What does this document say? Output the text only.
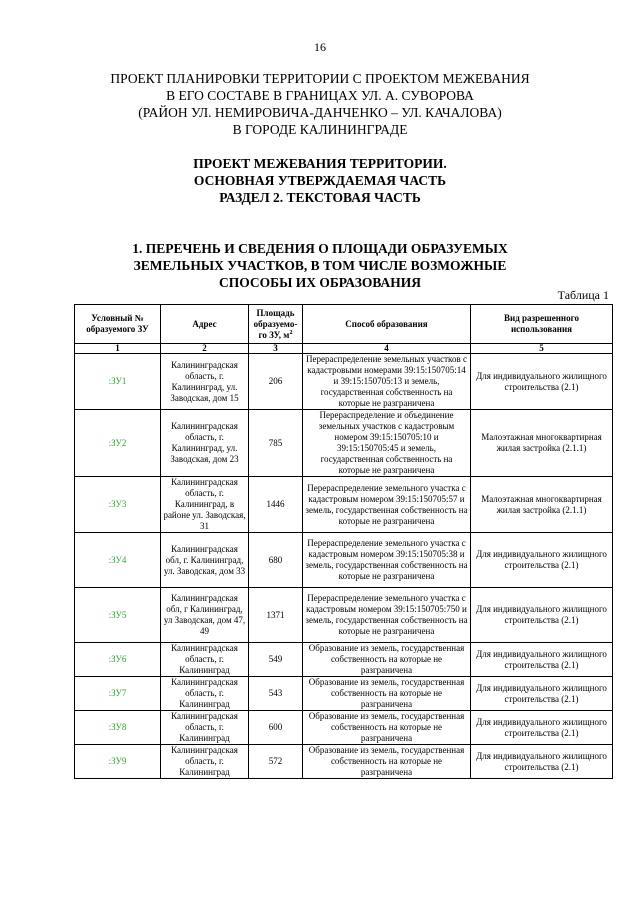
16
ПРОЕКТ ПЛАНИРОВКИ ТЕРРИТОРИИ С ПРОЕКТОМ МЕЖЕВАНИЯ
В ЕГО СОСТАВЕ В ГРАНИЦАХ УЛ. А. СУВОРОВА
(РАЙОН УЛ. НЕМИРОВИЧА-ДАНЧЕНКО – УЛ. КАЧАЛОВА)
В ГОРОДЕ КАЛИНИНГРАДЕ
ПРОЕКТ МЕЖЕВАНИЯ ТЕРРИТОРИИ.
ОСНОВНАЯ УТВЕРЖДАЕМАЯ ЧАСТЬ
РАЗДЕЛ 2. ТЕКСТОВАЯ ЧАСТЬ
1. ПЕРЕЧЕНЬ И СВЕДЕНИЯ О ПЛОЩАДИ ОБРАЗУЕМЫХ
ЗЕМЕЛЬНЫХ УЧАСТКОВ, В ТОМ ЧИСЛЕ ВОЗМОЖНЫЕ
СПОСОБЫ ИХ ОБРАЗОВАНИЯ
Таблица 1
Условный № образуемого ЗУ	Адрес	Площадь образуемо-го ЗУ, $м^2$	Способ образования	Вид разрешенного использования
1	2	3	4	5
:ЗУ1	Калининградская область, г. Калининград, ул. Заводская, дом 15	206	Перераспределение земельных участков с кадастровыми номерами 39:15:150705:14 и 39:15:150705:13 и земель, государственная собственность на которые не разграничена	Для индивидуального жилищного строительства (2.1)
:ЗУ2	Калининградская область, г. Калининград, ул. Заводская, дом 23	785	Перераспределение и объединение земельных участков с кадастровым номером 39:15:150705:10 и 39:15:150705:45 и земель, государственная собственность на которые не разграничена	Малоэтажная многоквартирная жилая застройка (2.1.1)
:ЗУ3	Калининградская область, г. Калининград, в районе ул. Заводская, 31	1446	Перераспределение земельного участка с кадастровым номером 39:15:150705:57 и земель, государственная собственность на которые не разграничена	Малоэтажная многоквартирная жилая застройка (2.1.1)
:ЗУ4	Калининградская обл, г. Калининград, ул. Заводская, дом 33	680	Перераспределение земельного участка с кадастровым номером 39:15:150705:38 и земель, государственная собственность на которые не разграничена	Для индивидуального жилищного строительства (2.1)
:ЗУ5	Калининградская обл, г Калининград, ул Заводская, дом 47, 49	1371	Перераспределение земельного участка с кадастровым номером 39:15:150705:750 и земель, государственная собственность на которые не разграничена	Для индивидуального жилищного строительства (2.1)
:ЗУ6	Калининградская область, г. Калининград	549	Образование из земель, государственная собственность на которые не разграничена	Для индивидуального жилищного строительства (2.1)
:ЗУ7	Калининградская область, г. Калининград	543	Образование из земель, государственная собственность на которые не разграничена	Для индивидуального жилищного строительства (2.1)
:ЗУ8	Калининградская область, г. Калининград	600	Образование из земель, государственная собственность на которые не разграничена	Для индивидуального жилищного строительства (2.1)
:ЗУ9	Калининградская область, г. Калининград	572	Образование из земель, государственная собственность на которые не разграничена	Для индивидуального жилищного строительства (2.1)
